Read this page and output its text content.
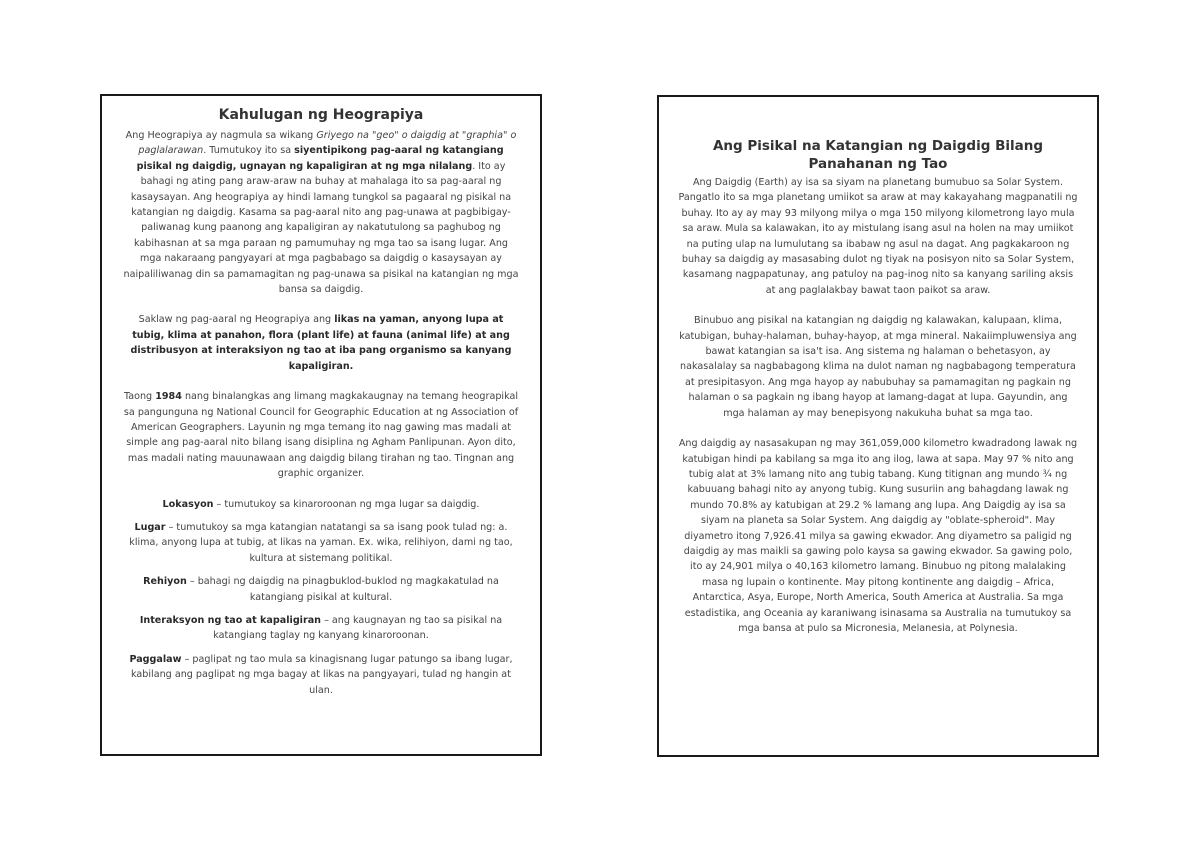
Kahulugan ng Heograpiya

Ang Heograpiya ay nagmula sa wikang Griyego na "geo" o daigdig at "graphia" o paglalarawan. Tumutukoy ito sa siyentipikong pag-aaral ng katangiang pisikal ng daigdig, ugnayan ng kapaligiran at ng mga nilalang. Ito ay bahagi ng ating pang araw-araw na buhay at mahalaga ito sa pag-aaral ng kasaysayan. Ang heograpiya ay hindi lamang tungkol sa pagaaral ng pisikal na katangian ng daigdig. Kasama sa pag-aaral nito ang pag-unawa at pagbibigay-paliwanag kung paanong ang kapaligiran ay nakatutulong sa paghubog ng kabihasnan at sa mga paraan ng pamumuhay ng mga tao sa isang lugar. Ang mga nakaraang pangyayari at mga pagbabago sa daigdig o kasaysayan ay naipaliliwanag din sa pamamagitan ng pag-unawa sa pisikal na katangian ng mga bansa sa daigdig.

Saklaw ng pag-aaral ng Heograpiya ang likas na yaman, anyong lupa at tubig, klima at panahon, flora (plant life) at fauna (animal life) at ang distribusyon at interaksiyon ng tao at iba pang organismo sa kanyang kapaligiran.

Taong 1984 nang binalangkas ang limang magkakaugnay na temang heograpikal sa pangunguna ng National Council for Geographic Education at ng Association of American Geographers. Layunin ng mga temang ito nag gawing mas madali at simple ang pag-aaral nito bilang isang disiplina ng Agham Panlipunan. Ayon dito, mas madali nating mauunawaan ang daigdig bilang tirahan ng tao. Tingnan ang graphic organizer.

Lokasyon – tumutukoy sa kinaroroonan ng mga lugar sa daigdig.

Lugar – tumutukoy sa mga katangian natatangi sa sa isang pook tulad ng: a. klima, anyong lupa at tubig, at likas na yaman. Ex. wika, relihiyon, dami ng tao, kultura at sistemang politikal.

Rehiyon – bahagi ng daigdig na pinagbuklod-buklod ng magkakatulad na katangiang pisikal at kultural.

Interaksyon ng tao at kapaligiran – ang kaugnayan ng tao sa pisikal na katangiang taglay ng kanyang kinaroroonan.

Paggalaw – paglipat ng tao mula sa kinagisnang lugar patungo sa ibang lugar, kabilang ang paglipat ng mga bagay at likas na pangyayari, tulad ng hangin at ulan.

Ang Pisikal na Katangian ng Daigdig Bilang Panahanan ng Tao

Ang Daigdig (Earth) ay isa sa siyam na planetang bumubuo sa Solar System. Pangatlo ito sa mga planetang umiikot sa araw at may kakayahang magpanatili ng buhay. Ito ay ay may 93 milyong milya o mga 150 milyong kilometrong layo mula sa araw. Mula sa kalawakan, ito ay mistulang isang asul na holen na may umiikot na puting ulap na lumulutang sa ibabaw ng asul na dagat. Ang pagkakaroon ng buhay sa daigdig ay masasabing dulot ng tiyak na posisyon nito sa Solar System, kasamang nagpapatunay, ang patuloy na pag-inog nito sa kanyang sariling aksis at ang paglalakbay bawat taon paikot sa araw.

Binubuo ang pisikal na katangian ng daigdig ng kalawakan, kalupaan, klima, katubigan, buhay-halaman, buhay-hayop, at mga mineral. Nakaiimpluwensiya ang bawat katangian sa isa't isa. Ang sistema ng halaman o behetasyon, ay nakasalalay sa nagbabagong klima na dulot naman ng nagbabagong temperatura at presipitasyon. Ang mga hayop ay nabubuhay sa pamamagitan ng pagkain ng halaman o sa pagkain ng ibang hayop at lamang-dagat at lupa. Gayundin, ang mga halaman ay may benepisyong nakukuha buhat sa mga tao.

Ang daigdig ay nasasakupan ng may 361,059,000 kilometro kwadradong lawak ng katubigan hindi pa kabilang sa mga ito ang ilog, lawa at sapa. May 97 % nito ang tubig alat at 3% lamang nito ang tubig tabang. Kung titignan ang mundo ¾ ng kabuuang bahagi nito ay anyong tubig. Kung susuriin ang bahagdang lawak ng mundo 70.8% ay katubigan at 29.2 % lamang ang lupa. Ang Daigdig ay isa sa siyam na planeta sa Solar System. Ang daigdig ay "oblate-spheroid". May diyametro itong 7,926.41 milya sa gawing ekwador. Ang diyametro sa paligid ng daigdig ay mas maikli sa gawing polo kaysa sa gawing ekwador. Sa gawing polo, ito ay 24,901 milya o 40,163 kilometro lamang. Binubuo ng pitong malalaking masa ng lupain o kontinente. May pitong kontinente ang daigdig – Africa, Antarctica, Asya, Europe, North America, South America at Australia. Sa mga estadistika, ang Oceania ay karaniwang isinasama sa Australia na tumutukoy sa mga bansa at pulo sa Micronesia, Melanesia, at Polynesia.
